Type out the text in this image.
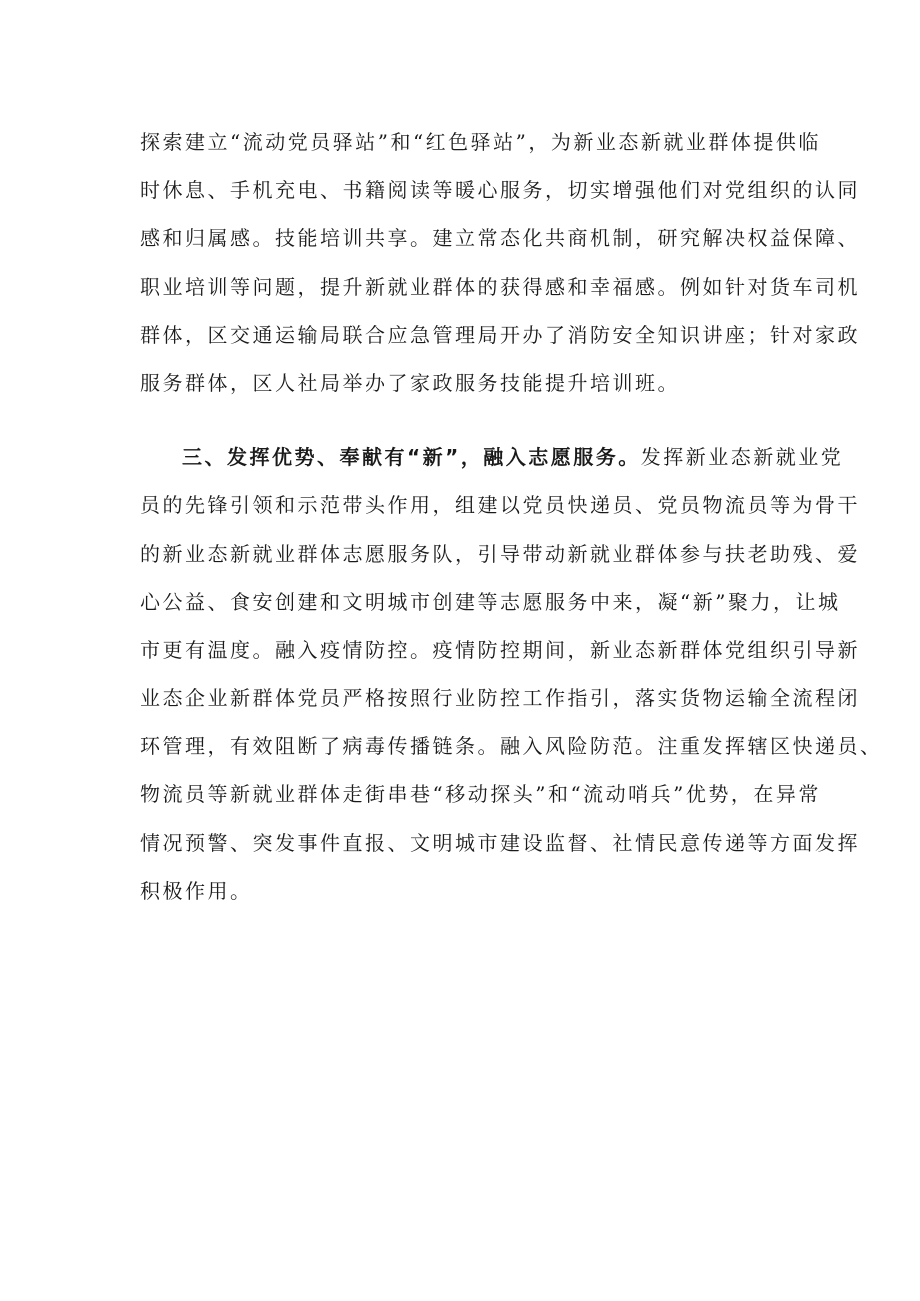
探索建立“流动党员驿站”和“红色驿站”，为新业态新就业群体提供临
时休息、手机充电、书籍阅读等暖心服务，切实增强他们对党组织的认同
感和归属感。技能培训共享。建立常态化共商机制，研究解决权益保障、
职业培训等问题，提升新就业群体的获得感和幸福感。例如针对货车司机
群体，区交通运输局联合应急管理局开办了消防安全知识讲座；针对家政
服务群体，区人社局举办了家政服务技能提升培训班。
三、发挥优势、奉献有“新”，融入志愿服务。发挥新业态新就业党
员的先锋引领和示范带头作用，组建以党员快递员、党员物流员等为骨干
的新业态新就业群体志愿服务队，引导带动新就业群体参与扶老助残、爱
心公益、食安创建和文明城市创建等志愿服务中来，凝“新”聚力，让城
市更有温度。融入疫情防控。疫情防控期间，新业态新群体党组织引导新
业态企业新群体党员严格按照行业防控工作指引，落实货物运输全流程闭
环管理，有效阻断了病毒传播链条。融入风险防范。注重发挥辖区快递员、
物流员等新就业群体走街串巷“移动探头”和“流动哨兵”优势，在异常
情况预警、突发事件直报、文明城市建设监督、社情民意传递等方面发挥
积极作用。
